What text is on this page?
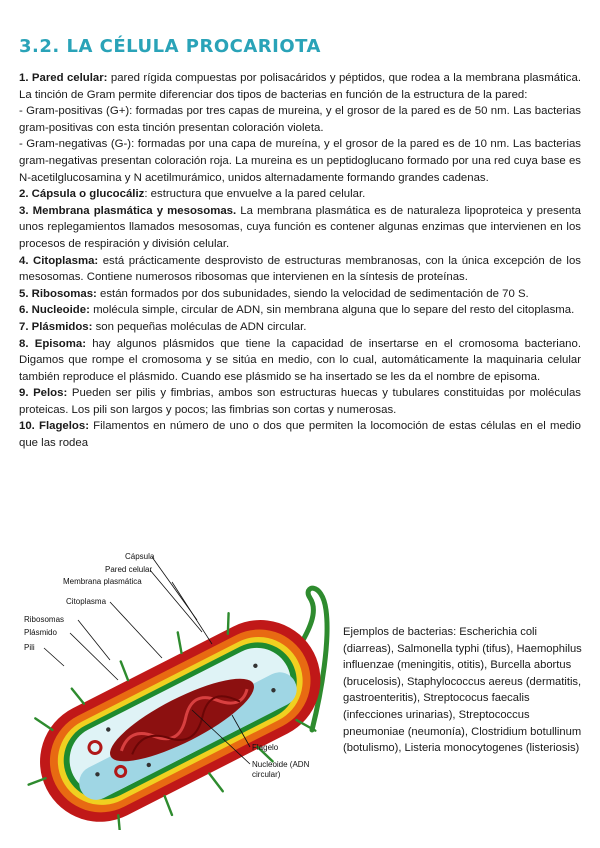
3.2. LA CÉLULA PROCARIOTA

1. Pared celular: pared rígida compuestas por polisacáridos y péptidos, que rodea a la membrana plasmática. La tinción de Gram permite diferenciar dos tipos de bacterias en función de la estructura de la pared:

- Gram-positivas (G+): formadas por tres capas de mureina, y el grosor de la pared es de 50 nm. Las bacterias gram-positivas con esta tinción presentan coloración violeta.

- Gram-negativas (G-): formadas por una capa de mureína, y el grosor de la pared es de 10 nm. Las bacterias gram-negativas presentan coloración roja. La mureina es un peptidoglucano formado por una red cuya base es N-acetilglucosamina y N acetilmurámico, unidos alternadamente formando grandes cadenas.

2. Cápsula o glucocáliz: estructura que envuelve a la pared celular.

3. Membrana plasmática y mesosomas. La membrana plasmática es de naturaleza lipoproteica y presenta unos replegamientos llamados mesosomas, cuya función es contener algunas enzimas que intervienen en los procesos de respiración y división celular.

4. Citoplasma: está prácticamente desprovisto de estructuras membranosas, con la única excepción de los mesosomas. Contiene numerosos ribosomas que intervienen en la síntesis de proteínas.

5. Ribosomas: están formados por dos subunidades, siendo la velocidad de sedimentación de 70 S.

6. Nucleoide: molécula simple, circular de ADN, sin membrana alguna que lo separe del resto del citoplasma.

7. Plásmidos: son pequeñas moléculas de ADN circular.

8. Episoma: hay algunos plásmidos que tiene la capacidad de insertarse en el cromosoma bacteriano. Digamos que rompe el cromosoma y se sitúa en medio, con lo cual, automáticamente la maquinaria celular también reproduce el plásmido. Cuando ese plásmido se ha insertado se les da el nombre de episoma.

9. Pelos: Pueden ser pilis y fimbrias, ambos son estructuras huecas y tubulares constituidas por moléculas proteicas. Los pili son largos y pocos; las fimbrias son cortas y numerosas.

10. Flagelos: Filamentos en número de uno o dos que permiten la locomoción de estas células en el medio que las rodea

Cápsula
Pared celular
Membrana plasmática
Citoplasma
Ribosomas
Plásmido
Pili
Flagelo
Nucleoide (ADN
circular)
Ejemplos de bacterias: Escherichia coli (diarreas), Salmonella typhi (tifus), Haemophilus influenzae (meningitis, otitis), Burcella abortus (brucelosis), Staphylococcus aereus (dermatitis, gastroenteritis), Streptococus faecalis (infecciones urinarias), Streptococcus pneumoniae (neumonía), Clostridium botullinum (botulismo), Listeria monocytogenes (listeriosis)
